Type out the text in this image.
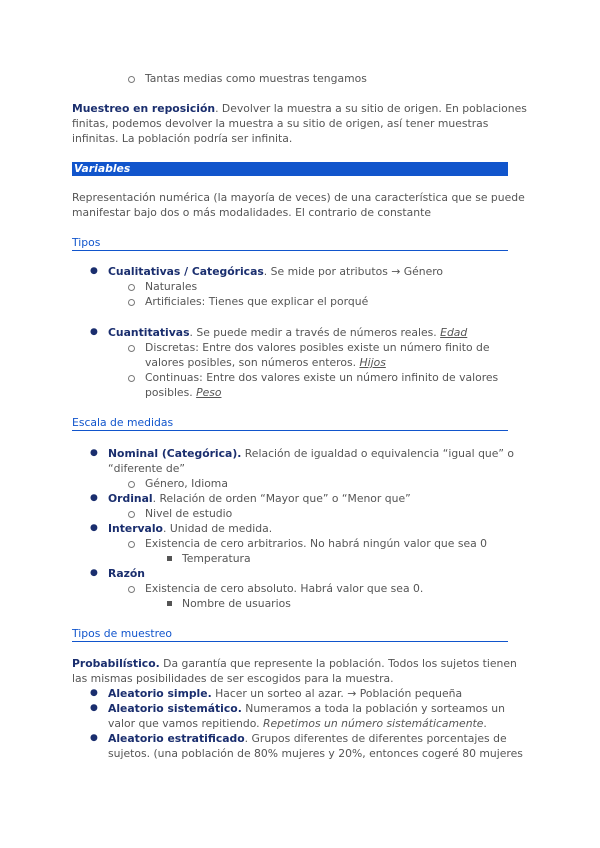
Tantas medias como muestras tengamos
Muestreo en reposición. Devolver la muestra a su sitio de origen. En poblaciones
finitas, podemos devolver la muestra a su sitio de origen, así tener muestras
infinitas. La población podría ser infinita.
Variables
Representación numérica (la mayoría de veces) de una característica que se puede
manifestar bajo dos o más modalidades. El contrario de constante
Tipos
● Cualitativas / Categóricas. Se mide por atributos → Género
Naturales
Artificiales: Tienes que explicar el porqué
● Cuantitativas. Se puede medir a través de números reales. Edad
Discretas: Entre dos valores posibles existe un número finito de
valores posibles, son números enteros. Hijos
Continuas: Entre dos valores existe un número infinito de valores
posibles. Peso
Escala de medidas
● Nominal (Categórica). Relación de igualdad o equivalencia “igual que” o
“diferente de”
Género, Idioma
● Ordinal. Relación de orden “Mayor que” o “Menor que”
Nivel de estudio
● Intervalo. Unidad de medida.
Existencia de cero arbitrarios. No habrá ningún valor que sea 0
Temperatura
● Razón
Existencia de cero absoluto. Habrá valor que sea 0.
Nombre de usuarios
Tipos de muestreo
Probabilístico. Da garantía que represente la población. Todos los sujetos tienen
las mismas posibilidades de ser escogidos para la muestra.
● Aleatorio simple. Hacer un sorteo al azar. → Población pequeña
● Aleatorio sistemático. Numeramos a toda la población y sorteamos un
valor que vamos repitiendo. Repetimos un número sistemáticamente.
● Aleatorio estratificado. Grupos diferentes de diferentes porcentajes de
sujetos. (una población de 80% mujeres y 20%, entonces cogeré 80 mujeres
